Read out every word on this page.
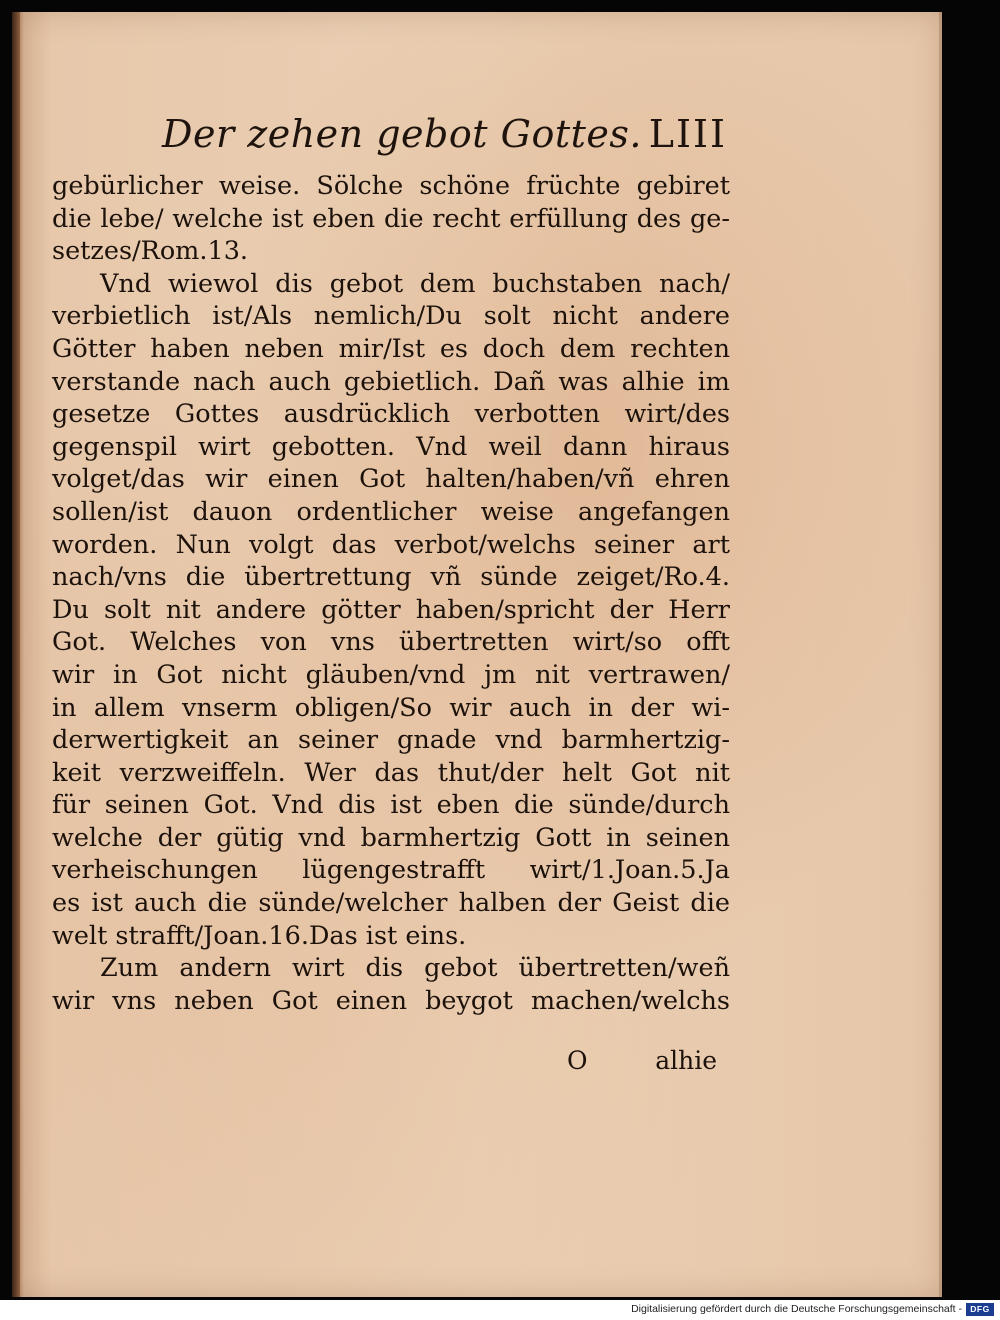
Der zehen gebot Gottes. LIII
gebürlicher weise. Sölche schöne früchte gebiret
die lebe/ welche ist eben die recht erfüllung des ge-
setzes/Rom.13.
Vnd wiewol dis gebot dem buchstaben nach/
verbietlich ist/Als nemlich/Du solt nicht andere
Götter haben neben mir/Ist es doch dem rechten
verstande nach auch gebietlich. Dañ was alhie im
gesetze Gottes ausdrücklich verbotten wirt/des
gegenspil wirt gebotten. Vnd weil dann hiraus
volget/das wir einen Got halten/haben/vñ ehren
sollen/ist dauon ordentlicher weise angefangen
worden. Nun volgt das verbot/welchs seiner art
nach/vns die übertrettung vñ sünde zeiget/Ro.4.
Du solt nit andere götter haben/spricht der Herr
Got. Welches von vns übertretten wirt/so offt
wir in Got nicht gläuben/vnd jm nit vertrawen/
in allem vnserm obligen/So wir auch in der wi-
derwertigkeit an seiner gnade vnd barmhertzig-
keit verzweiffeln. Wer das thut/der helt Got nit
für seinen Got. Vnd dis ist eben die sünde/durch
welche der gütig vnd barmhertzig Gott in seinen
verheischungen lügengestrafft wirt/1.Joan.5.Ja
es ist auch die sünde/welcher halben der Geist die
welt strafft/Joan.16.Das ist eins.
Zum andern wirt dis gebot übertretten/weñ
wir vns neben Got einen beygot machen/welchs
O	alhie
Digitalisierung gefördert durch die Deutsche Forschungsgemeinschaft - DFG
